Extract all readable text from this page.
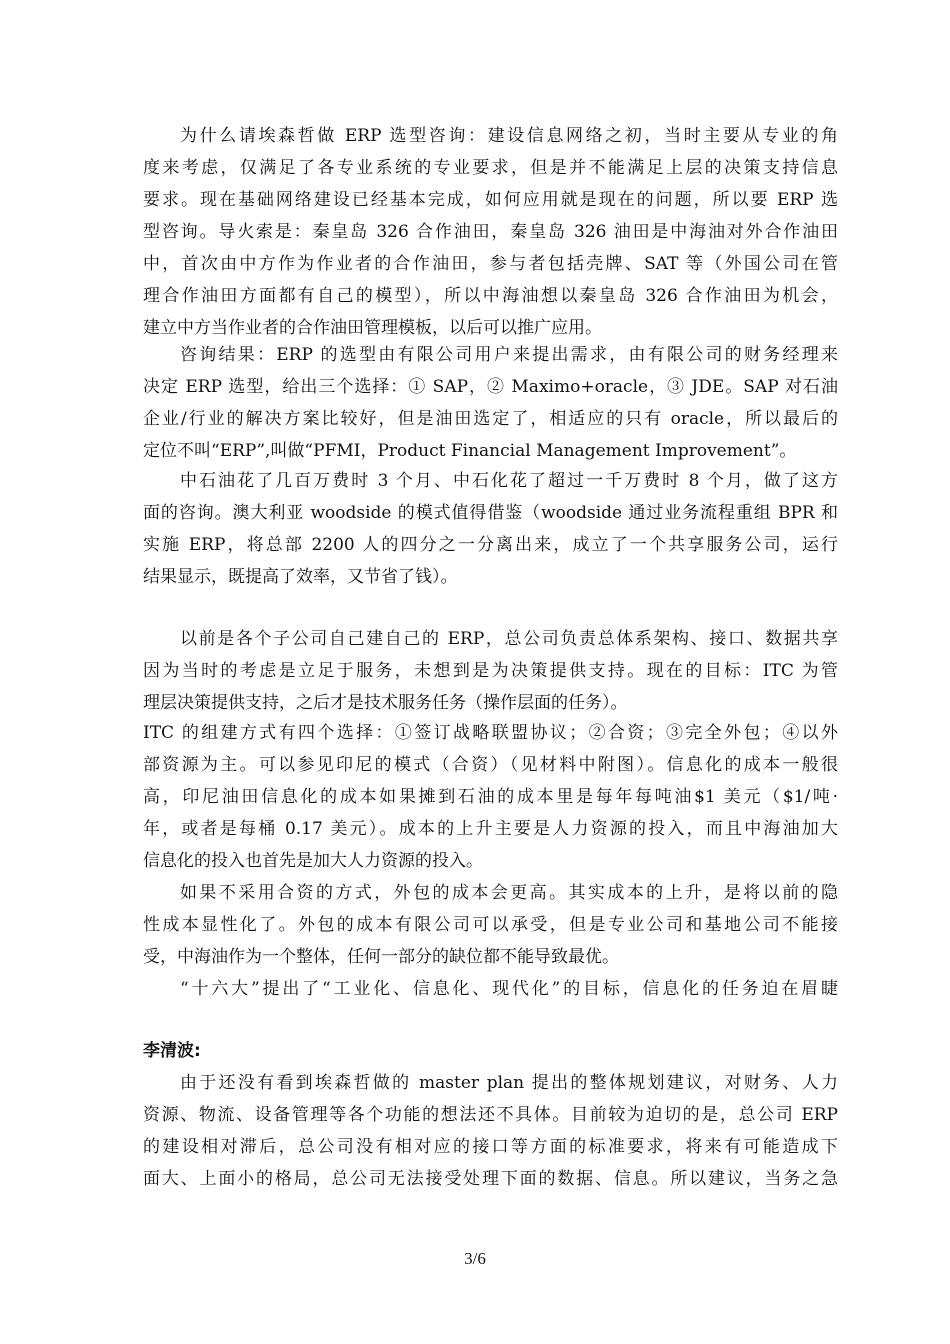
为什么请埃森哲做 ERP 选型咨询：建设信息网络之初，当时主要从专业的角
度来考虑，仅满足了各专业系统的专业要求，但是并不能满足上层的决策支持信息
要求。现在基础网络建设已经基本完成，如何应用就是现在的问题，所以要 ERP 选
型咨询。导火索是：秦皇岛 326 合作油田，秦皇岛 326 油田是中海油对外合作油田
中，首次由中方作为作业者的合作油田，参与者包括壳牌、SAT 等（外国公司在管
理合作油田方面都有自己的模型），所以中海油想以秦皇岛 326 合作油田为机会，
建立中方当作业者的合作油田管理模板，以后可以推广应用。
咨询结果：ERP 的选型由有限公司用户来提出需求，由有限公司的财务经理来
决定 ERP 选型，给出三个选择：① SAP，② Maximo+oracle，③ JDE。SAP 对石油
企业/行业的解决方案比较好，但是油田选定了，相适应的只有 oracle，所以最后的
定位不叫“ERP”,叫做“PFMI，Product Financial Management Improvement”。
中石油花了几百万费时 3 个月、中石化花了超过一千万费时 8 个月，做了这方
面的咨询。澳大利亚 woodside 的模式值得借鉴（woodside 通过业务流程重组 BPR 和
实施 ERP，将总部 2200 人的四分之一分离出来，成立了一个共享服务公司，运行
结果显示，既提高了效率，又节省了钱）。
以前是各个子公司自己建自己的 ERP，总公司负责总体系架构、接口、数据共享
因为当时的考虑是立足于服务，未想到是为决策提供支持。现在的目标：ITC 为管
理层决策提供支持，之后才是技术服务任务（操作层面的任务）。
ITC 的组建方式有四个选择：①签订战略联盟协议；②合资；③完全外包；④以外
部资源为主。可以参见印尼的模式（合资）（见材料中附图）。信息化的成本一般很
高，印尼油田信息化的成本如果摊到石油的成本里是每年每吨油$1 美元（$1/吨·
年，或者是每桶 0.17 美元）。成本的上升主要是人力资源的投入，而且中海油加大
信息化的投入也首先是加大人力资源的投入。
如果不采用合资的方式，外包的成本会更高。其实成本的上升，是将以前的隐
性成本显性化了。外包的成本有限公司可以承受，但是专业公司和基地公司不能接
受，中海油作为一个整体，任何一部分的缺位都不能导致最优。
“十六大”提出了“工业化、信息化、现代化”的目标，信息化的任务迫在眉睫
李清波:
由于还没有看到埃森哲做的 master plan 提出的整体规划建议，对财务、人力
资源、物流、设备管理等各个功能的想法还不具体。目前较为迫切的是，总公司 ERP
的建设相对滞后，总公司没有相对应的接口等方面的标准要求，将来有可能造成下
面大、上面小的格局，总公司无法接受处理下面的数据、信息。所以建议，当务之急
3/6
